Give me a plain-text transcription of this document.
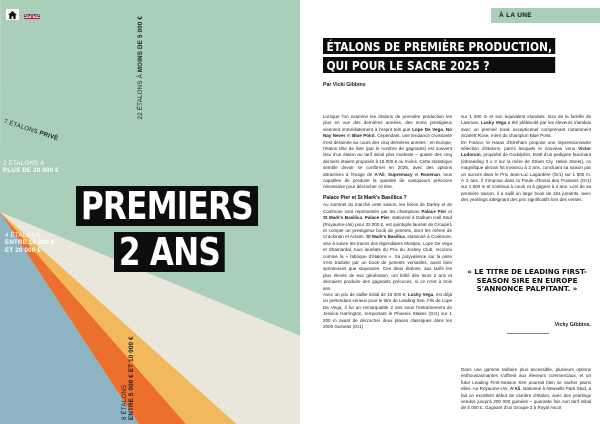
22 ÉTALONS À MOINS DE 5 000 €
8 ÉTALONS
ENTRE 5 000 € ET 10 000 €
4 ÉTALONS
ENTRE 10 000 €
ET 20 000 €
2 ÉTALONS À
PLUS DE 20 000 €
7 ÉTALONS PRIVÉ
PREMIERS
2 ANS
À LA UNE
ÉTALONS DE PREMIÈRE PRODUCTION,
QUI POUR LE SACRE 2025 ?
Par Vicki Gibbins

Lorsque l'on examine les étalons de première production les plus en vue des dernières années, des noms prestigieux viennent immédiatement à l'esprit tels que Lope De Vega, No Nay Never et Blue Point. Cependant, une tendance croissante s'est dessinée au cours des cinq dernières années : en Europe, l'étalon tête de liste (par le nombre de gagnants) est souvent issu d'un étalon au tarif initial plus modeste – quatre des cinq derniers étaient proposés à 15 000 € ou moins. Cette statistique semble devoir se confirmer en 2025, avec des options attractives à l'image de A'Ali, Supremacy et Rosenan, tous capables de produire la quantité de vainqueurs précoces nécessaire pour décrocher ce titre.

Palace Pier et St Mark's Basillica ?

Au sommet du marché cette saison, les héros de Darley et de Coolmore sont représentés par les champions Palace Pier et St Mark's Basilica. Palace Pier, stationné à Dalham Hall Stud (Royaume-Uni) pour 32 000 £, est quintuple lauréat de Groupe1 et compte un prestigieux book de juments, dont les mères de Crackman et Aclaim. St Mark's Basilica, stationné à Coolmore, vise à suivre les traces des légendaires Montjeu, Lope De Vega et Shamardal, tous lauréats du Prix du Jockey Club, reconnu comme la « fabrique d'étalons ». Sa polyvalence sur la piste s'est traduite par un book de juments versatiles, aussi bien sprinteuses que stayeuses. Ces deux étalons, aux tarifs les plus élevés de leur génération, ont brillé dès leurs 2 ans et devraient produire des gagnants précoces, si ce n'est à trois ans.

Avec un prix de saillie initial de 15 000 €, Lucky Vega, est déjà un prétendant sérieux pour le titre de Leading Sire. Fils de Lope De Vega, il fut un remarquable 2 ans sous l'entraînement de Jessica Harrington, remportant le Phoenix Stakes (Gr1) sur 1 200 m avant de décrocher deux places classiques dans les 2000 Guineas (Gr1)

sur 1 600 m et son équivalent irlandais. Issu de la famille de Lawman, Lucky Vega a été plébiscité par les éleveurs irlandais avec un premier book exceptionnel comprenant notamment Scarlett Rose, mère du champion Blue Point.

En France, le Haras d'Etreham propose une impressionnante sélection d'étalons, parmi lesquels le nouveau venu Victor Ludorum, propriété de Godolphin. Doté d'un pedigree fascinant (inbreeding 3 x 3 sur la mère de Street Cry, Helen Street), ce magnifique alezan fut invaincu à 2 ans, concluant sa saison par un succès dans le Prix Jean-Luc Lagardère (Gr1) sur 1 600 m. À 3 ans, il s'imposa dans la Poule d'Essai des Poulains (Gr1) sur 1 600 m et continua à courir et à gagner à 4 ans. Lors de sa première saison, il a sailli un large book de 154 juments, avec des yearlings atteignant des prix significatifs lors des ventes.

« LE TITRE DE LEADING FIRST-SEASON SIRE EN EUROPE S'ANNONCE PALPITANT. »
Vicky Gibbins.

Dans une gamme tarifaire plus accessible, plusieurs options enthousiasmantes s'offrent aux éleveurs commerciaux, et un futur Leading First-Season Sire pourrait bien se cacher parmi elles. Au Royaume-Uni, A'Ali, stationné à Newsells Park Stud, a fait un excellent début de carrière d'étalon, avec des yearlings vendus jusqu'à 200 000 guinées – quarante fois son tarif initial de 5 000 £. Gagnant d'un Groupe 2 à Royal Ascot
